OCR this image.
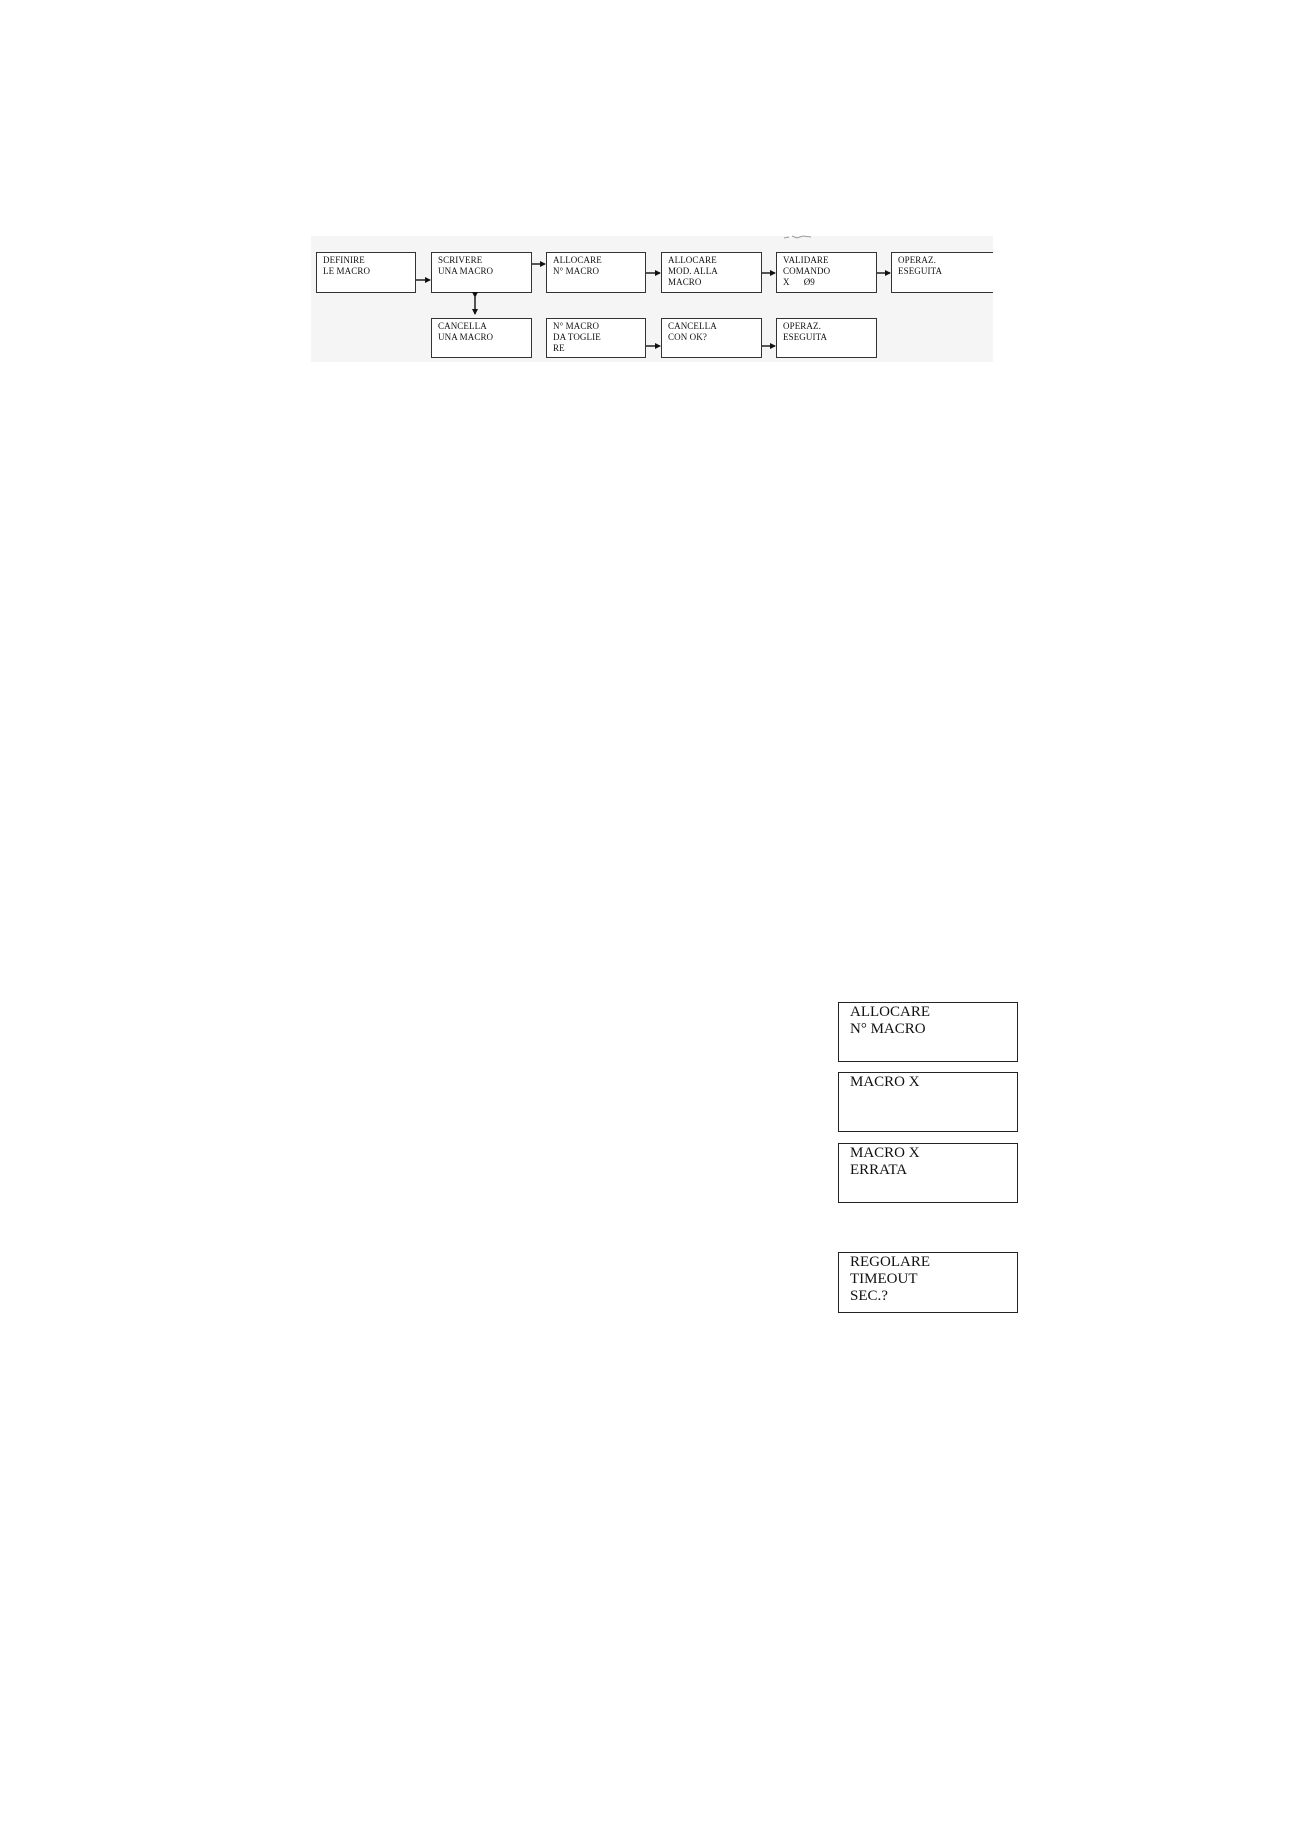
DEFINIRE
LE MACRO
SCRIVERE
UNA MACRO
ALLOCARE
N° MACRO
ALLOCARE
MOD. ALLA
MACRO
VALIDARE
COMANDO
X      Ø9
OPERAZ.
ESEGUITA
CANCELLA
UNA MACRO
N° MACRO
DA TOGLIE
RE
CANCELLA
CON OK?
OPERAZ.
ESEGUITA
ALLOCARE
N° MACRO
MACRO X
MACRO X
ERRATA
REGOLARE
TIMEOUT
SEC.?
